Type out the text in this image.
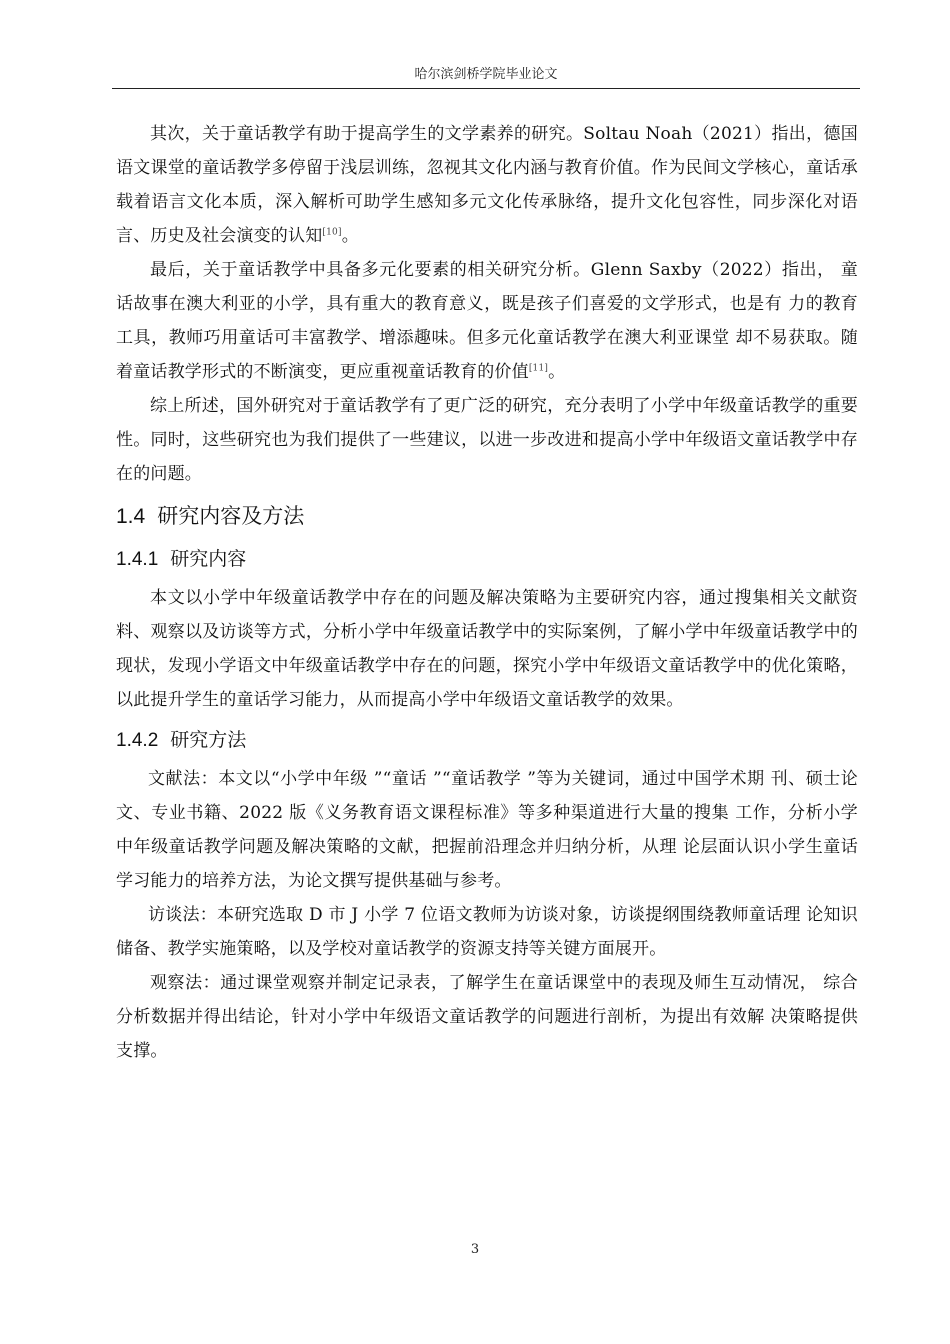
哈尔滨剑桥学院毕业论文

其次，关于童话教学有助于提高学生的文学素养的研究。Soltau Noah（2021）指出，德国语文课堂的童话教学多停留于浅层训练，忽视其文化内涵与教育价值。作为民间文学核心，童话承载着语言文化本质，深入解析可助学生感知多元文化传承脉络，提升文化包容性，同步深化对语言、历史及社会演变的认知[10]。

最后，关于童话教学中具备多元化要素的相关研究分析。Glenn Saxby（2022）指出， 童话故事在澳大利亚的小学，具有重大的教育意义，既是孩子们喜爱的文学形式，也是有 力的教育工具，教师巧用童话可丰富教学、增添趣味。但多元化童话教学在澳大利亚课堂 却不易获取。随着童话教学形式的不断演变，更应重视童话教育的价值[11]。

综上所述，国外研究对于童话教学有了更广泛的研究，充分表明了小学中年级童话教学的重要性。同时，这些研究也为我们提供了一些建议，以进一步改进和提高小学中年级语文童话教学中存在的问题。

1.4 研究内容及方法
1.4.1 研究内容

本文以小学中年级童话教学中存在的问题及解决策略为主要研究内容，通过搜集相关文献资料、观察以及访谈等方式，分析小学中年级童话教学中的实际案例，了解小学中年级童话教学中的现状，发现小学语文中年级童话教学中存在的问题，探究小学中年级语文童话教学中的优化策略，以此提升学生的童话学习能力，从而提高小学中年级语文童话教学的效果。

1.4.2 研究方法

文献法：本文以“小学中年级 ”“童话 ”“童话教学 ”等为关键词，通过中国学术期 刊、硕士论文、专业书籍、2022 版《义务教育语文课程标准》等多种渠道进行大量的搜集 工作，分析小学中年级童话教学问题及解决策略的文献，把握前沿理念并归纳分析，从理 论层面认识小学生童话学习能力的培养方法，为论文撰写提供基础与参考。

访谈法：本研究选取 D 市 J 小学 7 位语文教师为访谈对象，访谈提纲围绕教师童话理 论知识储备、教学实施策略，以及学校对童话教学的资源支持等关键方面展开。

观察法：通过课堂观察并制定记录表，了解学生在童话课堂中的表现及师生互动情况， 综合分析数据并得出结论，针对小学中年级语文童话教学的问题进行剖析，为提出有效解 决策略提供支撑。

3
